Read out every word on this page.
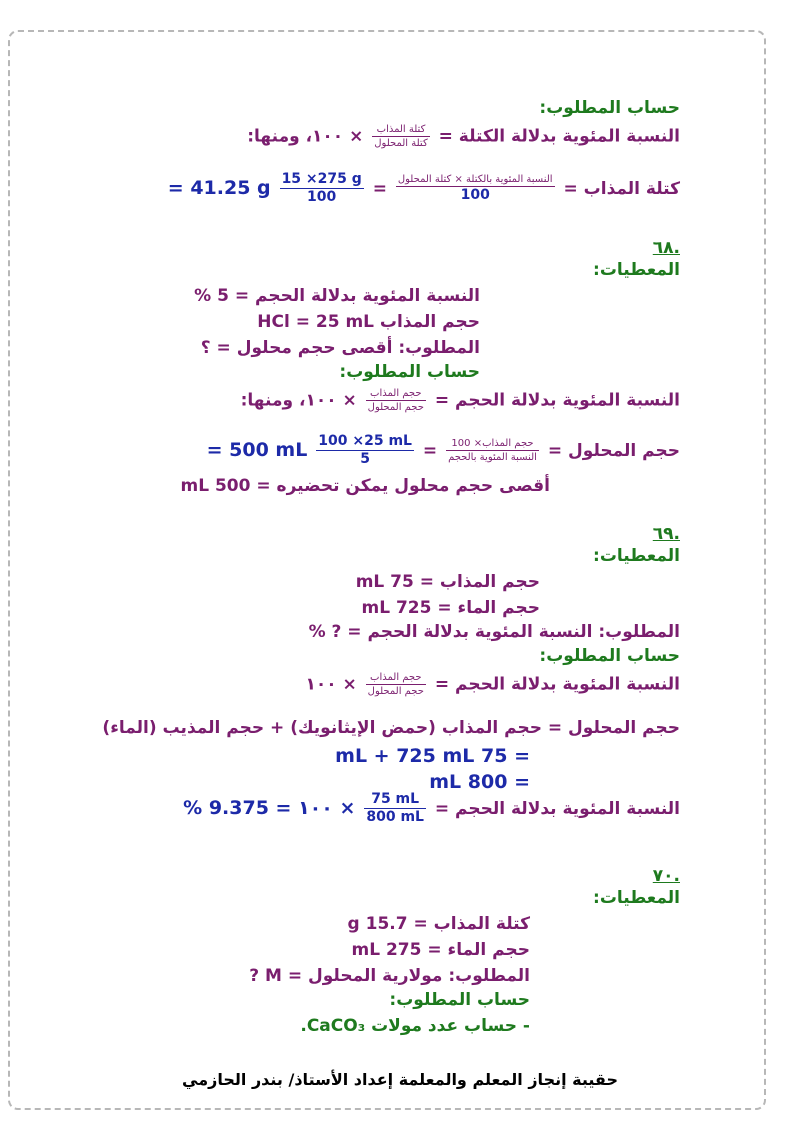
حساب المطلوب:
النسبة المئوية بدلالة الكتلة =
$\frac{\text{كتلة المذاب}}{\text{كتلة المحلول}}$
× ١٠٠، ومنها:
كتلة المذاب =
$\frac{\text{النسبة المئوية بالكتلة × كتلة المحلول}}{100}$
=
$\frac{15 \times 275 g}{100}$
= 41.25 g
.٦٨
المعطيات:
النسبة المئوية بدلالة الحجم = 5 %
حجم المذاب HCl = 25 mL
المطلوب: أقصى حجم محلول = ؟
حساب المطلوب:
النسبة المئوية بدلالة الحجم =
$\frac{\text{حجم المذاب}}{\text{حجم المحلول}}$
× ١٠٠، ومنها:
حجم المحلول =
$\frac{\text{حجم المذاب× 100}}{\text{النسبة المئوية بالحجم}}$
=
$\frac{100 \times 25 mL}{5}$
= 500 mL
أقصى حجم محلول يمكن تحضيره = 500 mL
.٦٩
المعطيات:
حجم المذاب = 75 mL
حجم الماء = 725 mL
المطلوب: النسبة المئوية بدلالة الحجم = ? %
حساب المطلوب:
النسبة المئوية بدلالة الحجم =
$\frac{\text{حجم المذاب}}{\text{حجم المحلول}}$
× ١٠٠
حجم المحلول = حجم المذاب (حمض الإيثانويك) + حجم المذيب (الماء)
= 75 mL + 725 mL
= 800 mL
النسبة المئوية بدلالة الحجم =
$\frac{75 mL}{800 mL}$
× ١٠٠ = 9.375 %
.٧٠
المعطيات:
كتلة المذاب = 15.7 g
حجم الماء = 275 mL
المطلوب: مولارية المحلول = M ?
حساب المطلوب:
- حساب عدد مولات CaCO₃.
حقيبة إنجاز المعلم والمعلمة إعداد الأستاذ/ بندر الحازمي
